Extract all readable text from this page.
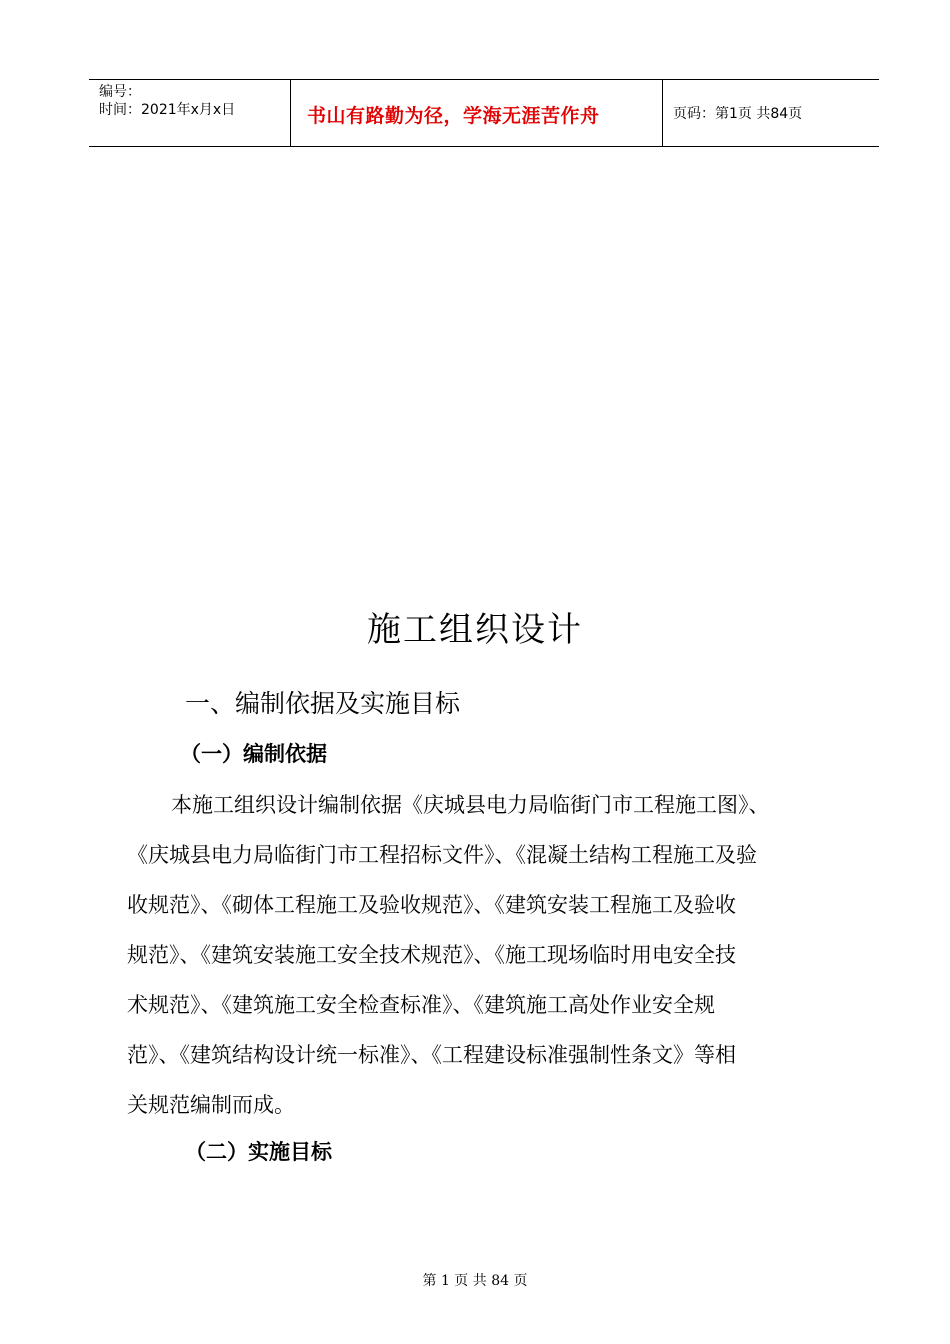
编号：
时间：2021年x月x日	书山有路勤为径，学海无涯苦作舟	页码：第1页 共84页
施工组织设计
一、编制依据及实施目标
（一）编制依据
本施工组织设计编制依据《庆城县电力局临街门市工程施工图》、
《庆城县电力局临街门市工程招标文件》、《混凝土结构工程施工及验
收规范》、《砌体工程施工及验收规范》、《建筑安装工程施工及验收
规范》、《建筑安装施工安全技术规范》、《施工现场临时用电安全技
术规范》、《建筑施工安全检查标准》、《建筑施工高处作业安全规
范》、《建筑结构设计统一标准》、《工程建设标准强制性条文》等相
关规范编制而成。
（二）实施目标
第 1 页 共 84 页
